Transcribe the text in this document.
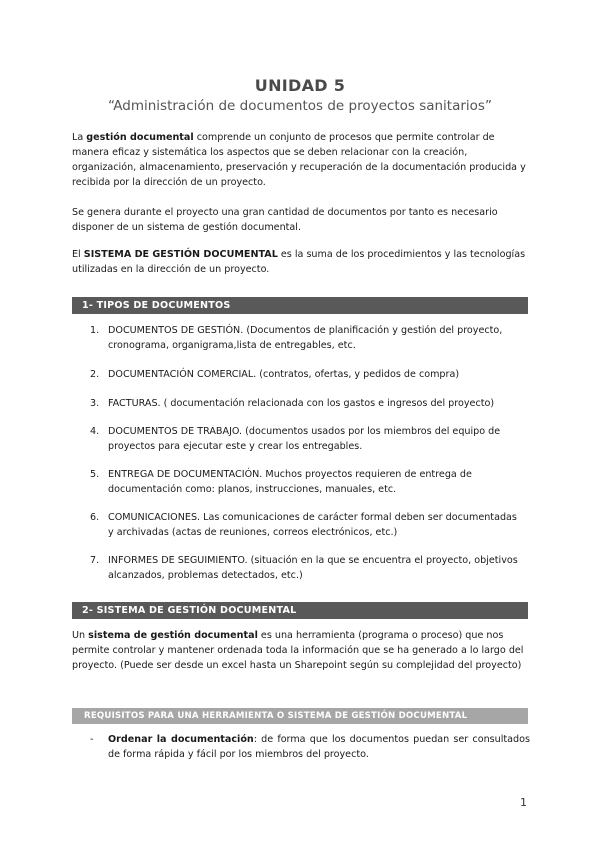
UNIDAD 5
“Administración de documentos de proyectos sanitarios”
La gestión documental comprende un conjunto de procesos que permite controlar de manera eficaz y sistemática los aspectos que se deben relacionar con la creación, organización, almacenamiento, preservación y recuperación de la documentación producida y recibida por la dirección de un proyecto.
Se genera durante el proyecto una gran cantidad de documentos por tanto es necesario disponer de un sistema de gestión documental.
El SISTEMA DE GESTIÓN DOCUMENTAL es la suma de los procedimientos y las tecnologías utilizadas en la dirección de un proyecto.
1- TIPOS DE DOCUMENTOS
1. DOCUMENTOS DE GESTIÓN. (Documentos de planificación y gestión del proyecto, cronograma, organigrama,lista de entregables, etc.
2. DOCUMENTACIÓN COMERCIAL. (contratos, ofertas, y pedidos de compra)
3. FACTURAS. ( documentación relacionada con los gastos e ingresos del proyecto)
4. DOCUMENTOS DE TRABAJO. (documentos usados por los miembros del equipo de proyectos para ejecutar este y crear los entregables.
5. ENTREGA DE DOCUMENTACIÓN. Muchos proyectos requieren de entrega de documentación como: planos, instrucciones, manuales, etc.
6. COMUNICACIONES. Las comunicaciones de carácter formal deben ser documentadas y archivadas (actas de reuniones, correos electrónicos, etc.)
7. INFORMES DE SEGUIMIENTO. (situación en la que se encuentra el proyecto, objetivos alcanzados, problemas detectados, etc.)
2- SISTEMA DE GESTIÓN DOCUMENTAL
Un sistema de gestión documental es una herramienta (programa o proceso) que nos permite controlar y mantener ordenada toda la información que se ha generado a lo largo del proyecto. (Puede ser desde un excel hasta un Sharepoint según su complejidad del proyecto)
REQUISITOS PARA UNA HERRAMIENTA O SISTEMA DE GESTIÓN DOCUMENTAL
- Ordenar la documentación: de forma que los documentos puedan ser consultados de forma rápida y fácil por los miembros del proyecto.
1
